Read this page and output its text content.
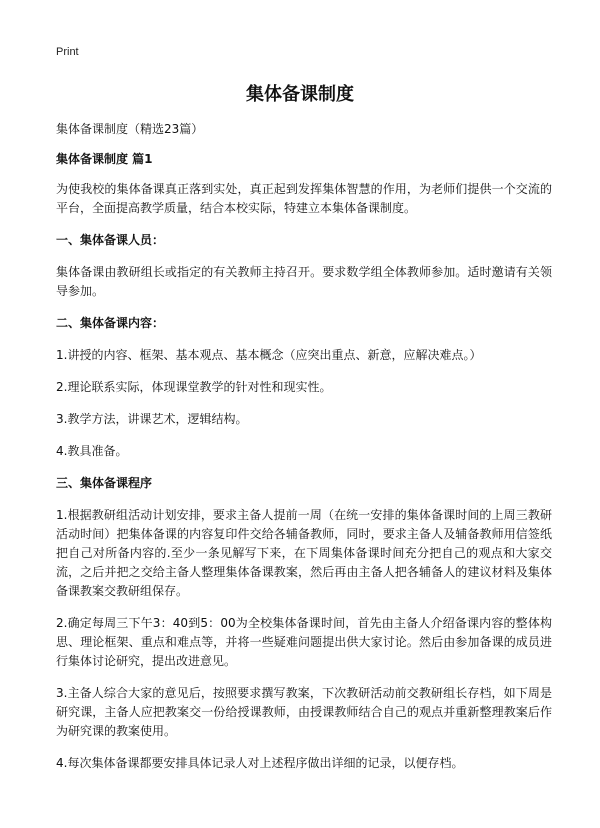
Print
集体备课制度

集体备课制度（精选23篇）

集体备课制度 篇1

为使我校的集体备课真正落到实处，真正起到发挥集体智慧的作用，为老师们提供一个交流的平台，全面提高教学质量，结合本校实际，特建立本集体备课制度。

一、集体备课人员：

集体备课由教研组长或指定的有关教师主持召开。要求数学组全体教师参加。适时邀请有关领导参加。

二、集体备课内容：

1.讲授的内容、框架、基本观点、基本概念（应突出重点、新意，应解决难点。）

2.理论联系实际，体现课堂教学的针对性和现实性。

3.教学方法，讲课艺术，逻辑结构。

4.教具准备。

三、集体备课程序

1.根据教研组活动计划安排，要求主备人提前一周（在统一安排的集体备课时间的上周三教研活动时间）把集体备课的内容复印件交给各辅备教师，同时，要求主备人及辅备教师用信签纸把自己对所备内容的.至少一条见解写下来，在下周集体备课时间充分把自己的观点和大家交流，之后并把之交给主备人整理集体备课教案，然后再由主备人把各辅备人的建议材料及集体备课教案交教研组保存。

2.确定每周三下午3：40到5：00为全校集体备课时间，首先由主备人介绍备课内容的整体构思、理论框架、重点和难点等，并将一些疑难问题提出供大家讨论。然后由参加备课的成员进行集体讨论研究，提出改进意见。

3.主备人综合大家的意见后，按照要求撰写教案，下次教研活动前交教研组长存档，如下周是研究课，主备人应把教案交一份给授课教师，由授课教师结合自己的观点并重新整理教案后作为研究课的教案使用。

4.每次集体备课都要安排具体记录人对上述程序做出详细的记录，以便存档。
